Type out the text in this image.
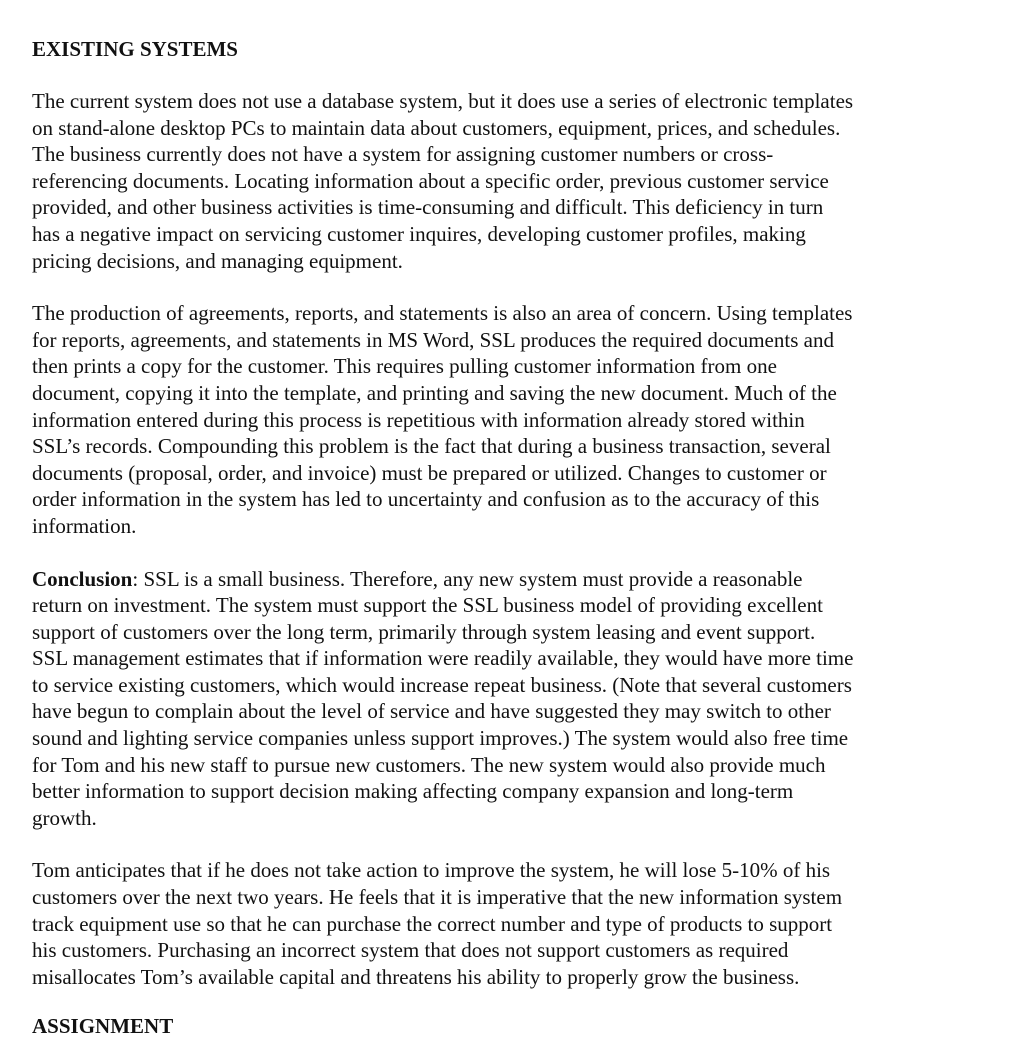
EXISTING SYSTEMS
The current system does not use a database system, but it does use a series of electronic templates
on stand-alone desktop PCs to maintain data about customers, equipment, prices, and schedules.
The business currently does not have a system for assigning customer numbers or cross-
referencing documents. Locating information about a specific order, previous customer service
provided, and other business activities is time-consuming and difficult. This deficiency in turn
has a negative impact on servicing customer inquires, developing customer profiles, making
pricing decisions, and managing equipment.
The production of agreements, reports, and statements is also an area of concern. Using templates
for reports, agreements, and statements in MS Word, SSL produces the required documents and
then prints a copy for the customer. This requires pulling customer information from one
document, copying it into the template, and printing and saving the new document. Much of the
information entered during this process is repetitious with information already stored within
SSL’s records. Compounding this problem is the fact that during a business transaction, several
documents (proposal, order, and invoice) must be prepared or utilized. Changes to customer or
order information in the system has led to uncertainty and confusion as to the accuracy of this
information.
Conclusion: SSL is a small business. Therefore, any new system must provide a reasonable
return on investment. The system must support the SSL business model of providing excellent
support of customers over the long term, primarily through system leasing and event support.
SSL management estimates that if information were readily available, they would have more time
to service existing customers, which would increase repeat business. (Note that several customers
have begun to complain about the level of service and have suggested they may switch to other
sound and lighting service companies unless support improves.) The system would also free time
for Tom and his new staff to pursue new customers. The new system would also provide much
better information to support decision making affecting company expansion and long-term
growth.
Tom anticipates that if he does not take action to improve the system, he will lose 5-10% of his
customers over the next two years. He feels that it is imperative that the new information system
track equipment use so that he can purchase the correct number and type of products to support
his customers. Purchasing an incorrect system that does not support customers as required
misallocates Tom’s available capital and threatens his ability to properly grow the business.
ASSIGNMENT
